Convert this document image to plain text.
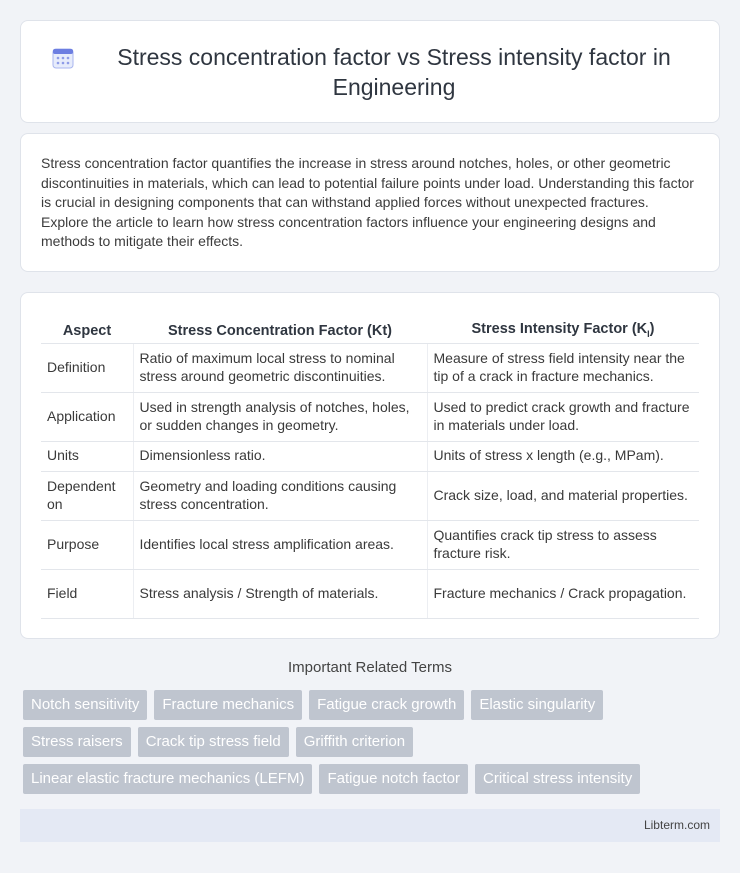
Stress concentration factor vs Stress intensity factor in Engineering

Stress concentration factor quantifies the increase in stress around notches, holes, or other geometric discontinuities in materials, which can lead to potential failure points under load. Understanding this factor is crucial in designing components that can withstand applied forces without unexpected fractures. Explore the article to learn how stress concentration factors influence your engineering designs and methods to mitigate their effects.

Aspect	Stress Concentration Factor (Kt)	Stress Intensity Factor $(K_I)$
Definition	Ratio of maximum local stress to nominal stress around geometric discontinuities.	Measure of stress field intensity near the tip of a crack in fracture mechanics.
Application	Used in strength analysis of notches, holes, or sudden changes in geometry.	Used to predict crack growth and fracture in materials under load.
Units	Dimensionless ratio.	Units of stress x length (e.g., MPam).
Dependent on	Geometry and loading conditions causing stress concentration.	Crack size, load, and material properties.
Purpose	Identifies local stress amplification areas.	Quantifies crack tip stress to assess fracture risk.
Field	Stress analysis / Strength of materials.	Fracture mechanics / Crack propagation.
Important Related Terms
Notch sensitivity	Fracture mechanics	Fatigue crack growth	Elastic singularity
Stress raisers	Crack tip stress field	Griffith criterion
Linear elastic fracture mechanics (LEFM)	Fatigue notch factor	Critical stress intensity
Libterm.com
